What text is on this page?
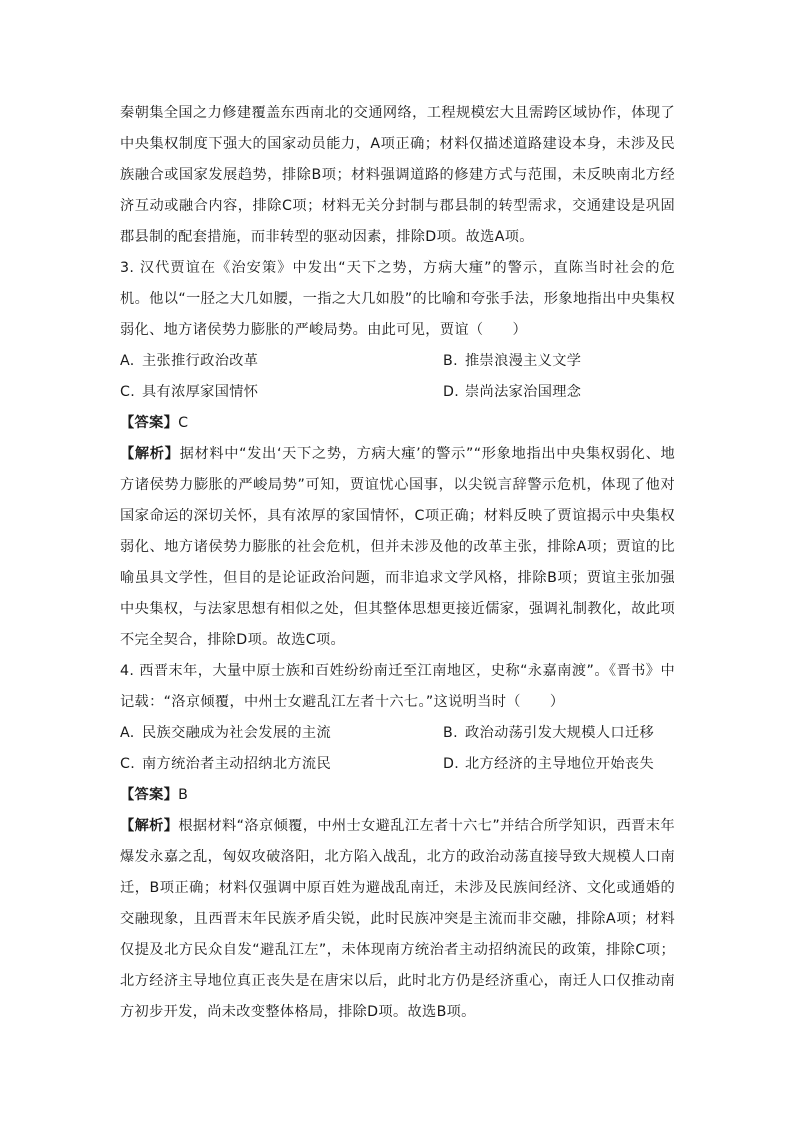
秦朝集全国之力修建覆盖东西南北的交通网络，工程规模宏大且需跨区域协作，体现了中央集权制度下强大的国家动员能力，A项正确；材料仅描述道路建设本身，未涉及民族融合或国家发展趋势，排除B项；材料强调道路的修建方式与范围，未反映南北方经济互动或融合内容，排除C项；材料无关分封制与郡县制的转型需求，交通建设是巩固郡县制的配套措施，而非转型的驱动因素，排除D项。故选A项。

3. 汉代贾谊在《治安策》中发出“天下之势，方病大瘇”的警示，直陈当时社会的危机。他以“一胫之大几如腰，一指之大几如股”的比喻和夸张手法，形象地指出中央集权弱化、地方诸侯势力膨胀的严峻局势。由此可见，贾谊（　　）

A. 主张推行政治改革	B. 推崇浪漫主义文学
C. 具有浓厚家国情怀	D. 崇尚法家治国理念
【答案】C

【解析】据材料中“发出‘天下之势，方病大瘇’的警示”“形象地指出中央集权弱化、地方诸侯势力膨胀的严峻局势”可知，贾谊忧心国事，以尖锐言辞警示危机，体现了他对国家命运的深切关怀，具有浓厚的家国情怀，C项正确；材料反映了贾谊揭示中央集权弱化、地方诸侯势力膨胀的社会危机，但并未涉及他的改革主张，排除A项；贾谊的比喻虽具文学性，但目的是论证政治问题，而非追求文学风格，排除B项；贾谊主张加强中央集权，与法家思想有相似之处，但其整体思想更接近儒家，强调礼制教化，故此项不完全契合，排除D项。故选C项。

4. 西晋末年，大量中原士族和百姓纷纷南迁至江南地区，史称“永嘉南渡”。《晋书》中记载：“洛京倾覆，中州士女避乱江左者十六七。”这说明当时（　　）

A. 民族交融成为社会发展的主流	B. 政治动荡引发大规模人口迁移
C. 南方统治者主动招纳北方流民	D. 北方经济的主导地位开始丧失
【答案】B

【解析】根据材料“洛京倾覆，中州士女避乱江左者十六七”并结合所学知识，西晋末年爆发永嘉之乱，匈奴攻破洛阳，北方陷入战乱，北方的政治动荡直接导致大规模人口南迁，B项正确；材料仅强调中原百姓为避战乱南迁，未涉及民族间经济、文化或通婚的交融现象，且西晋末年民族矛盾尖锐，此时民族冲突是主流而非交融，排除A项；材料仅提及北方民众自发“避乱江左”，未体现南方统治者主动招纳流民的政策，排除C项；北方经济主导地位真正丧失是在唐宋以后，此时北方仍是经济重心，南迁人口仅推动南方初步开发，尚未改变整体格局，排除D项。故选B项。
